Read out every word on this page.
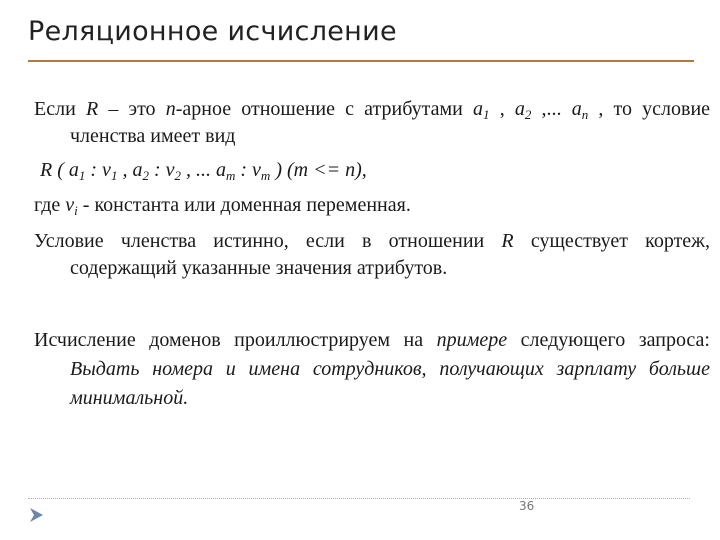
Реляционное исчисление
Если R – это n-арное отношение с атрибутами $a_1$ , $a_2$ ,... $a_n$ , то условие членства имеет вид
R ( $a_1$ : $v_1$ , $a_2$ : $v_2$ , ... $a_m$ : $v_m$ ) (m <= n),
где $v_i$ - константа или доменная переменная.
Условие членства истинно, если в отношении R существует кортеж, содержащий указанные значения атрибутов.
Исчисление доменов проиллюстрируем на примере следующего запроса: Выдать номера и имена сотрудников, получающих зарплату больше минимальной.
36
